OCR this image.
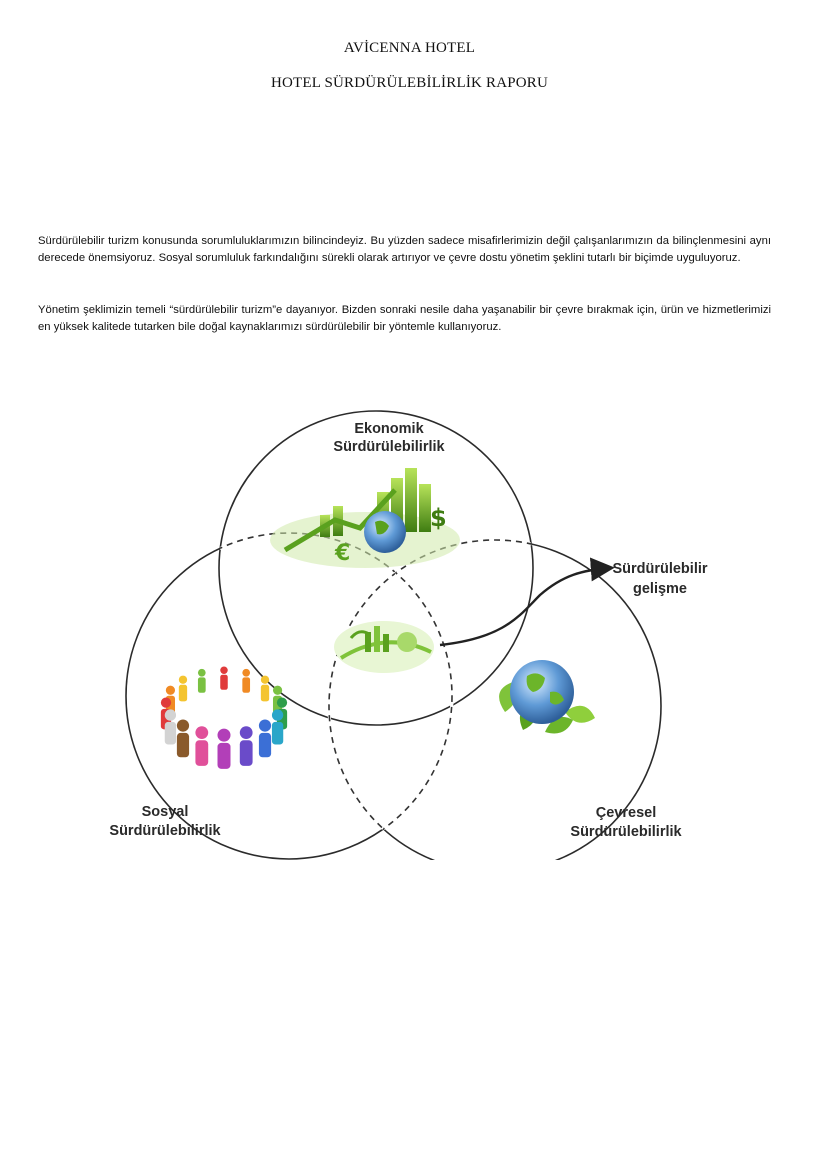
AVİCENNA HOTEL
HOTEL SÜRDÜRÜLEBİLİRLİK RAPORU

Sürdürülebilir turizm konusunda sorumluluklarımızın bilincindeyiz. Bu yüzden sadece misafirlerimizin değil çalışanlarımızın da bilinçlenmesini aynı derecede önemsiyoruz. Sosyal sorumluluk farkındalığını sürekli olarak artırıyor ve çevre dostu yönetim şeklini tutarlı bir biçimde uyguluyoruz.

Yönetim şeklimizin temeli “sürdürülebilir turizm”e dayanıyor. Bizden sonraki nesile daha yaşanabilir bir çevre bırakmak için, ürün ve hizmetlerimizi en yüksek kalitede tutarken bile doğal kaynaklarımızı sürdürülebilir bir yöntemle kullanıyoruz.

$
€
Ekonomik
Sürdürülebilirlik
Sürdürülebilir
gelişme
Sosyal
Sürdürülebilirlik
Çevresel
Sürdürülebilirlik
